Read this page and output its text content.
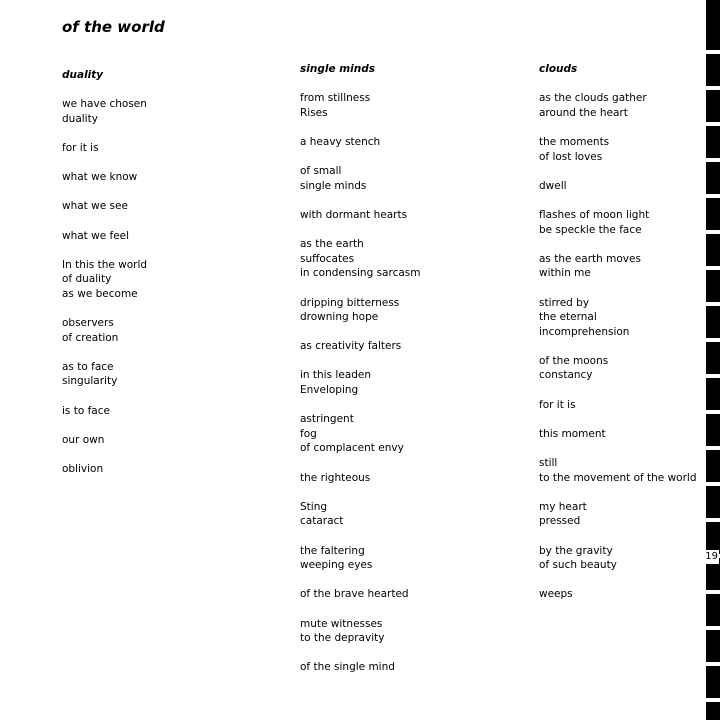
of the world
duality
we have chosen
duality
for it is
what we know
what we see
what we feel
In this the world
of duality
as we become
observers
of creation
as to face
singularity
is to face
our own
oblivion
single minds
from stillness
Rises
a heavy stench
of small
single minds
with dormant hearts
as the earth
suffocates
in condensing sarcasm
dripping bitterness
drowning hope
as creativity falters
in this leaden
Enveloping
astringent
fog
of complacent envy
the righteous
Sting
cataract
the faltering
weeping eyes
of the brave hearted
mute witnesses
to the depravity
of the single mind
clouds
as the clouds gather
around the heart
the moments
of lost loves
dwell
flashes of moon light
be speckle the face
as the earth moves
within me
stirred by
the eternal
incomprehension
of the moons
constancy
for it is
this moment
still
to the movement of the world
my heart
pressed
by the gravity
of such beauty
weeps
19
